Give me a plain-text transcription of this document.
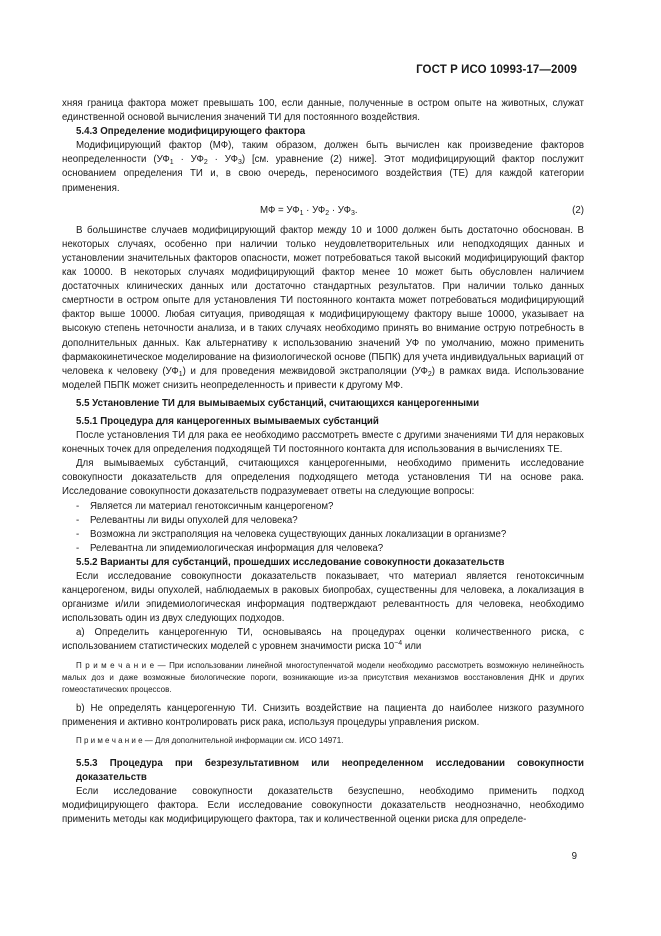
ГОСТ Р ИСО 10993-17—2009

хняя граница фактора может превышать 100, если данные, полученные в остром опыте на животных, служат единственной основой вычисления значений ТИ для постоянного воздействия.

5.4.3 Определение модифицирующего фактора

Модифицирующий фактор (МФ), таким образом, должен быть вычислен как произведение факторов неопределенности $(УФ_1 \cdot УФ_2 \cdot УФ_3)$ [см. уравнение (2) ниже]. Этот модифицирующий фактор послужит основанием определения ТИ и, в свою очередь, переносимого воздействия (ТЕ) для каждой категории применения.

МФ = $УФ_1 \cdot УФ_2 \cdot УФ_3$.	(2)

В большинстве случаев модифицирующий фактор между 10 и 1000 должен быть достаточно обоснован. В некоторых случаях, особенно при наличии только неудовлетворительных или неподходящих данных и установлении значительных факторов опасности, может потребоваться такой высокий модифицирующий фактор как 10000. В некоторых случаях модифицирующий фактор менее 10 может быть обусловлен наличием достаточных клинических данных или достаточно стандартных результатов. При наличии только данных смертности в остром опыте для установления ТИ постоянного контакта может потребоваться модифицирующий фактор выше 10000. Любая ситуация, приводящая к модифицирующему фактору выше 10000, указывает на высокую степень неточности анализа, и в таких случаях необходимо принять во внимание острую потребность в дополнительных данных. Как альтернативу к использованию значений УФ по умолчанию, можно применить фармакокинетическое моделирование на физиологической основе (ПБПК) для учета индивидуальных вариаций от человека к человеку $(УФ_1)$ и для проведения межвидовой экстраполяции $(УФ_2)$ в рамках вида. Использование моделей ПБПК может снизить неопределенность и привести к другому МФ.

5.5 Установление ТИ для вымываемых субстанций, считающихся канцерогенными

5.5.1 Процедура для канцерогенных вымываемых субстанций

После установления ТИ для рака ее необходимо рассмотреть вместе с другими значениями ТИ для нераковых конечных точек для определения подходящей ТИ постоянного контакта для использования в вычислениях ТЕ.

Для вымываемых субстанций, считающихся канцерогенными, необходимо применить исследование совокупности доказательств для определения подходящего метода установления ТИ на основе рака. Исследование совокупности доказательств подразумевает ответы на следующие вопросы:

- Является ли материал генотоксичным канцерогеном?
- Релевантны ли виды опухолей для человека?
- Возможна ли экстраполяция на человека существующих данных локализации в организме?
- Релевантна ли эпидемиологическая информация для человека?

5.5.2 Варианты для субстанций, прошедших исследование совокупности доказательств

Если исследование совокупности доказательств показывает, что материал является генотоксичным канцерогеном, виды опухолей, наблюдаемых в раковых биопробах, существенны для человека, а локализация в организме и/или эпидемиологическая информация подтверждают релевантность для человека, необходимо использовать один из двух следующих подходов.

a) Определить канцерогенную ТИ, основываясь на процедурах оценки количественного риска, с использованием статистических моделей с уровнем значимости риска $10^{-4}$ или

П р и м е ч а н и е — При использовании линейной многоступенчатой модели необходимо рассмотреть возможную нелинейность малых доз и даже возможные биологические пороги, возникающие из-за присутствия механизмов восстановления ДНК и других гомеостатических процессов.

b) Не определять канцерогенную ТИ. Снизить воздействие на пациента до наиболее низкого разумного применения и активно контролировать риск рака, используя процедуры управления риском.

П р и м е ч а н и е — Для дополнительной информации см. ИСО 14971.

5.5.3 Процедура при безрезультативном или неопределенном исследовании совокупности доказательств

Если исследование совокупности доказательств безуспешно, необходимо применить подход модифицирующего фактора. Если исследование совокупности доказательств неоднозначно, необходимо применить методы как модифицирующего фактора, так и количественной оценки риска для определе-

9
